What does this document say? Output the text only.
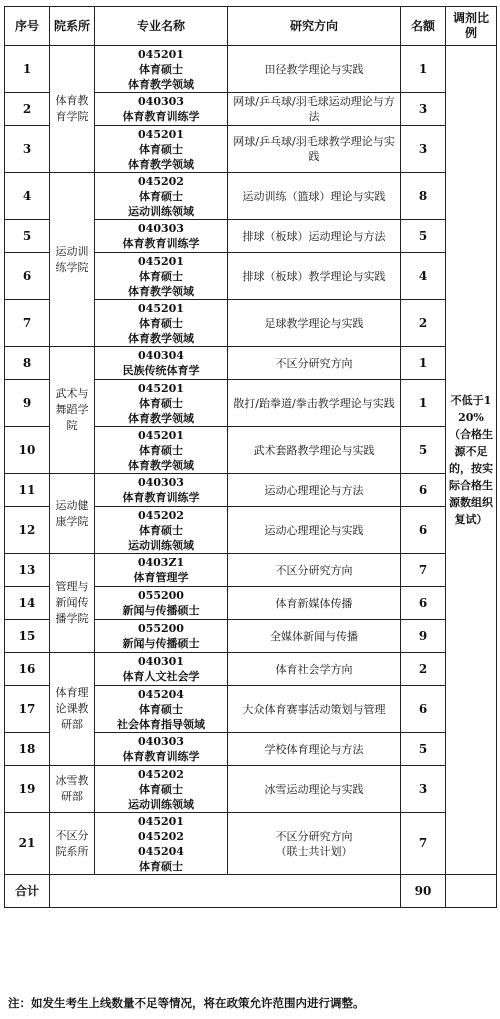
序号	院系所	专业名称	研究方向	名额	调剂比例
1	体育教育学院	045201
体育硕士
体育教学领域	田径教学理论与实践	1	不低于120%（合格生源不足的，按实际合格生源数组织复试）
2		040303
体育教育训练学	网球/乒乓球/羽毛球运动理论与方法	3	
3		045201
体育硕士
体育教学领域	网球/乒乓球/羽毛球教学理论与实践	3	
4	运动训练学院	045202
体育硕士
运动训练领域	运动训练（篮球）理论与实践	8	
5		040303
体育教育训练学	排球（板球）运动理论与方法	5	
6		045201
体育硕士
体育教学领域	排球（板球）教学理论与实践	4	
7		045201
体育硕士
体育教学领域	足球教学理论与实践	2	
8	武术与舞蹈学院	040304
民族传统体育学	不区分研究方向	1	
9		045201
体育硕士
体育教学领域	散打/跆拳道/拳击教学理论与实践	1	
10		045201
体育硕士
体育教学领域	武术套路教学理论与实践	5	
11	运动健康学院	040303
体育教育训练学	运动心理理论与方法	6	
12		045202
体育硕士
运动训练领域	运动心理理论与实践	6	
13	管理与新闻传播学院	0403Z1
体育管理学	不区分研究方向	7	
14		055200
新闻与传播硕士	体育新媒体传播	6	
15		055200
新闻与传播硕士	全媒体新闻与传播	9	
16	体育理论课教研部	040301
体育人文社会学	体育社会学方向	2	
17		045204
体育硕士
社会体育指导领域	大众体育赛事活动策划与管理	6	
18		040303
体育教育训练学	学校体育理论与方法	5	
19	冰雪教研部	045202
体育硕士
运动训练领域	冰雪运动理论与实践	3	
21	不区分院系所	045201
045202
045204
体育硕士	不区分研究方向
（联士共计划）	7	
合计				90	
注：如发生考生上线数量不足等情况，将在政策允许范围内进行调整。
